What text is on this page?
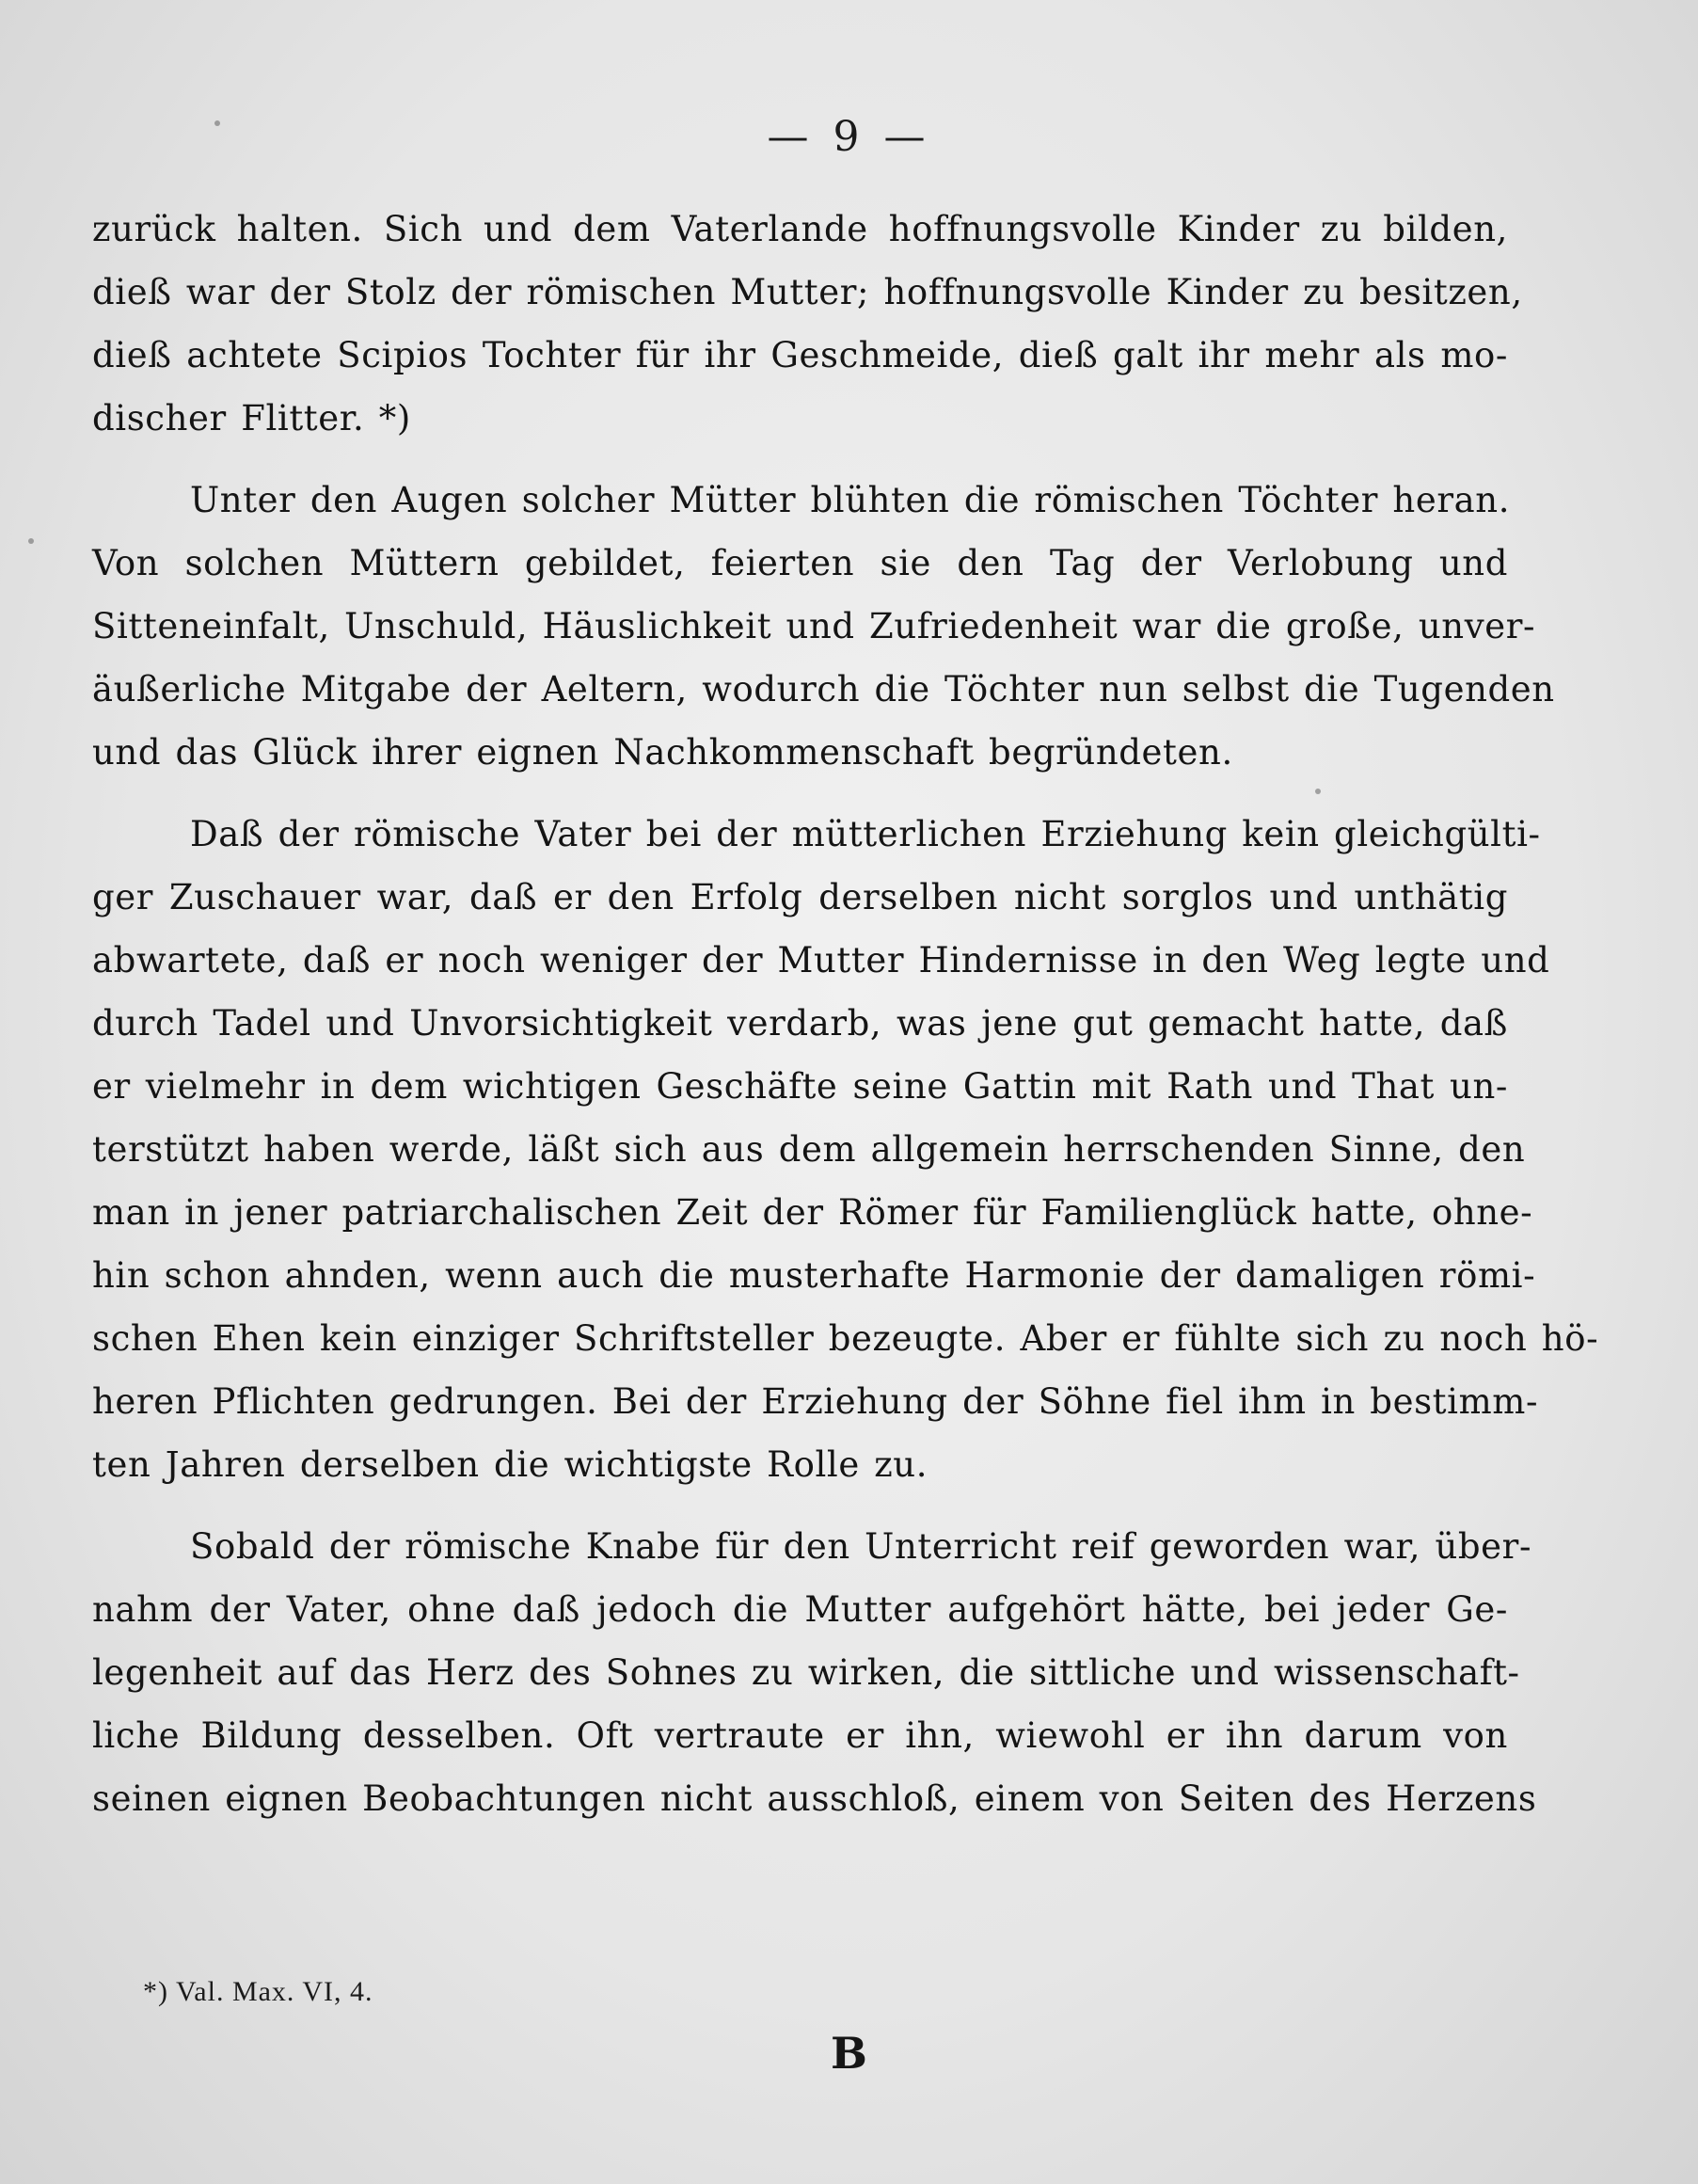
— 9 —
zurück halten. Sich und dem Vaterlande hoffnungsvolle Kinder zu bilden,
dieß war der Stolz der römischen Mutter; hoffnungsvolle Kinder zu besitzen,
dieß achtete Scipios Tochter für ihr Geschmeide, dieß galt ihr mehr als mo-
discher Flitter. *)
Unter den Augen solcher Mütter blühten die römischen Töchter heran.
Von solchen Müttern gebildet, feierten sie den Tag der Verlobung und
Sitteneinfalt, Unschuld, Häuslichkeit und Zufriedenheit war die große, unver-
äußerliche Mitgabe der Aeltern, wodurch die Töchter nun selbst die Tugenden
und das Glück ihrer eignen Nachkommenschaft begründeten.
Daß der römische Vater bei der mütterlichen Erziehung kein gleichgülti-
ger Zuschauer war, daß er den Erfolg derselben nicht sorglos und unthätig
abwartete, daß er noch weniger der Mutter Hindernisse in den Weg legte und
durch Tadel und Unvorsichtigkeit verdarb, was jene gut gemacht hatte, daß
er vielmehr in dem wichtigen Geschäfte seine Gattin mit Rath und That un-
terstützt haben werde, läßt sich aus dem allgemein herrschenden Sinne, den
man in jener patriarchalischen Zeit der Römer für Familienglück hatte, ohne-
hin schon ahnden, wenn auch die musterhafte Harmonie der damaligen römi-
schen Ehen kein einziger Schriftsteller bezeugte. Aber er fühlte sich zu noch hö-
heren Pflichten gedrungen. Bei der Erziehung der Söhne fiel ihm in bestimm-
ten Jahren derselben die wichtigste Rolle zu.
Sobald der römische Knabe für den Unterricht reif geworden war, über-
nahm der Vater, ohne daß jedoch die Mutter aufgehört hätte, bei jeder Ge-
legenheit auf das Herz des Sohnes zu wirken, die sittliche und wissenschaft-
liche Bildung desselben. Oft vertraute er ihn, wiewohl er ihn darum von
seinen eignen Beobachtungen nicht ausschloß, einem von Seiten des Herzens
*) Val. Max. VI, 4.
B
